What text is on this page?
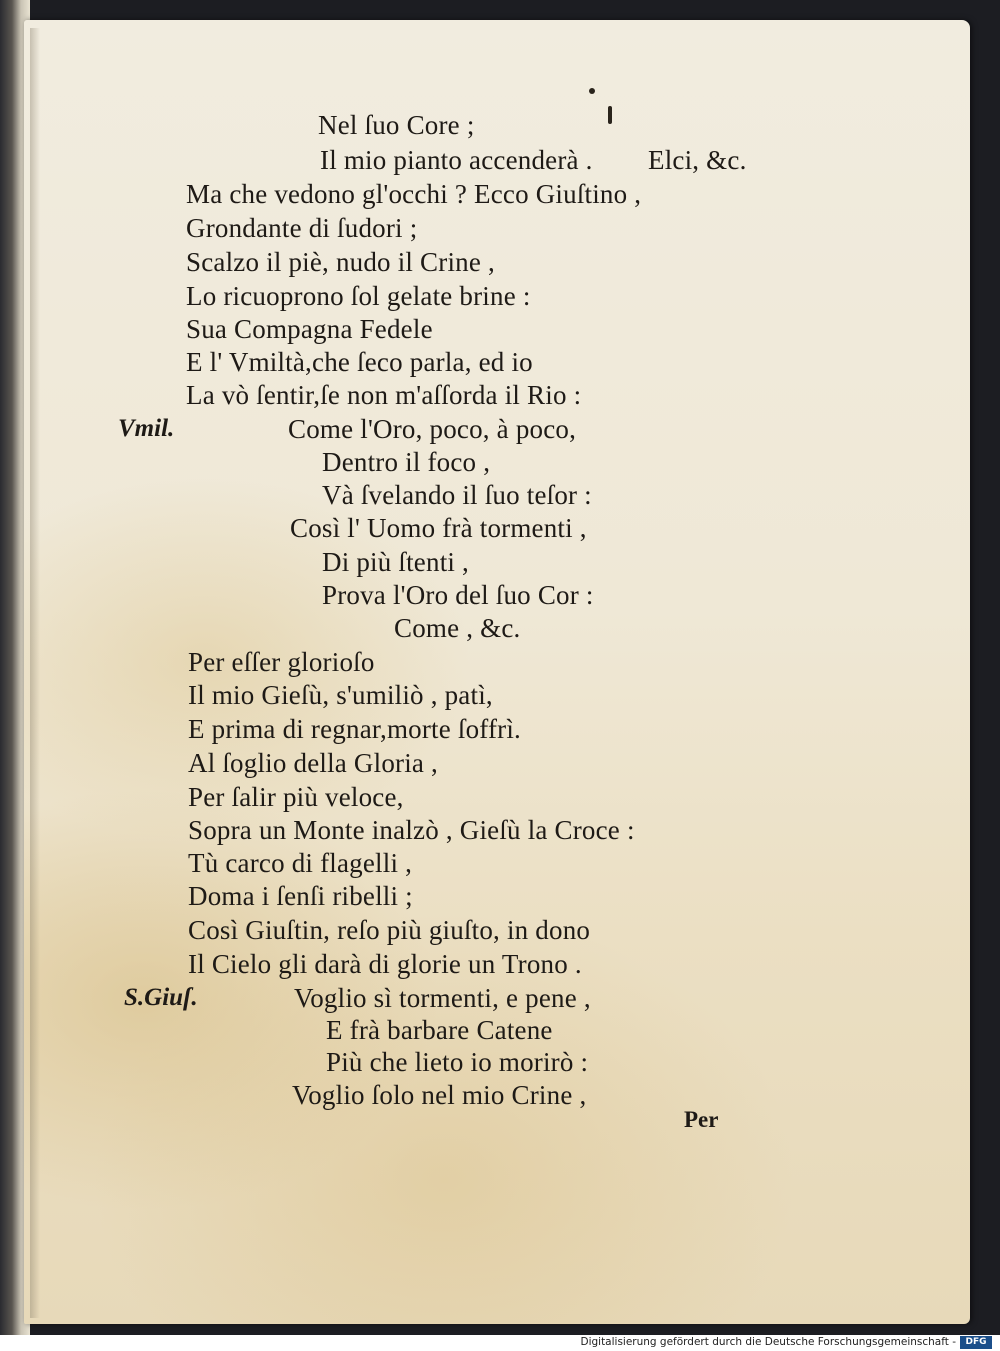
Nel ſuo Core ;
Il mio pianto accenderà . Elci, &c.
Ma che vedono gl'occhi ? Ecco Giuſtino ,
Grondante di ſudori ;
Scalzo il piè, nudo il Crine ,
Lo ricuoprono ſol gelate brine :
Sua Compagna Fedele
E l' Vmiltà,che ſeco parla, ed io
La vò ſentir,ſe non m'aſſorda il Rio :
Vmil.	Come l'Oro, poco, à poco,
Dentro il foco ,
Và ſvelando il ſuo teſor :
Così l' Uomo frà tormenti ,
Di più ſtenti ,
Prova l'Oro del ſuo Cor :
Come , &c.
Per eſſer glorioſo
Il mio Gieſù, s'umiliò , patì,
E prima di regnar,morte ſoffrì.
Al ſoglio della Gloria ,
Per ſalir più veloce,
Sopra un Monte inalzò , Gieſù la Croce :
Tù carco di flagelli ,
Doma i ſenſi ribelli ;
Così Giuſtin, reſo più giuſto, in dono
Il Cielo gli darà di glorie un Trono .
S.Giuſ.	Voglio sì tormenti, e pene ,
E frà barbare Catene
Più che lieto io morirò :
Voglio ſolo nel mio Crine ,
Per
Digitalisierung gefördert durch die Deutsche Forschungsgemeinschaft -	DFG
